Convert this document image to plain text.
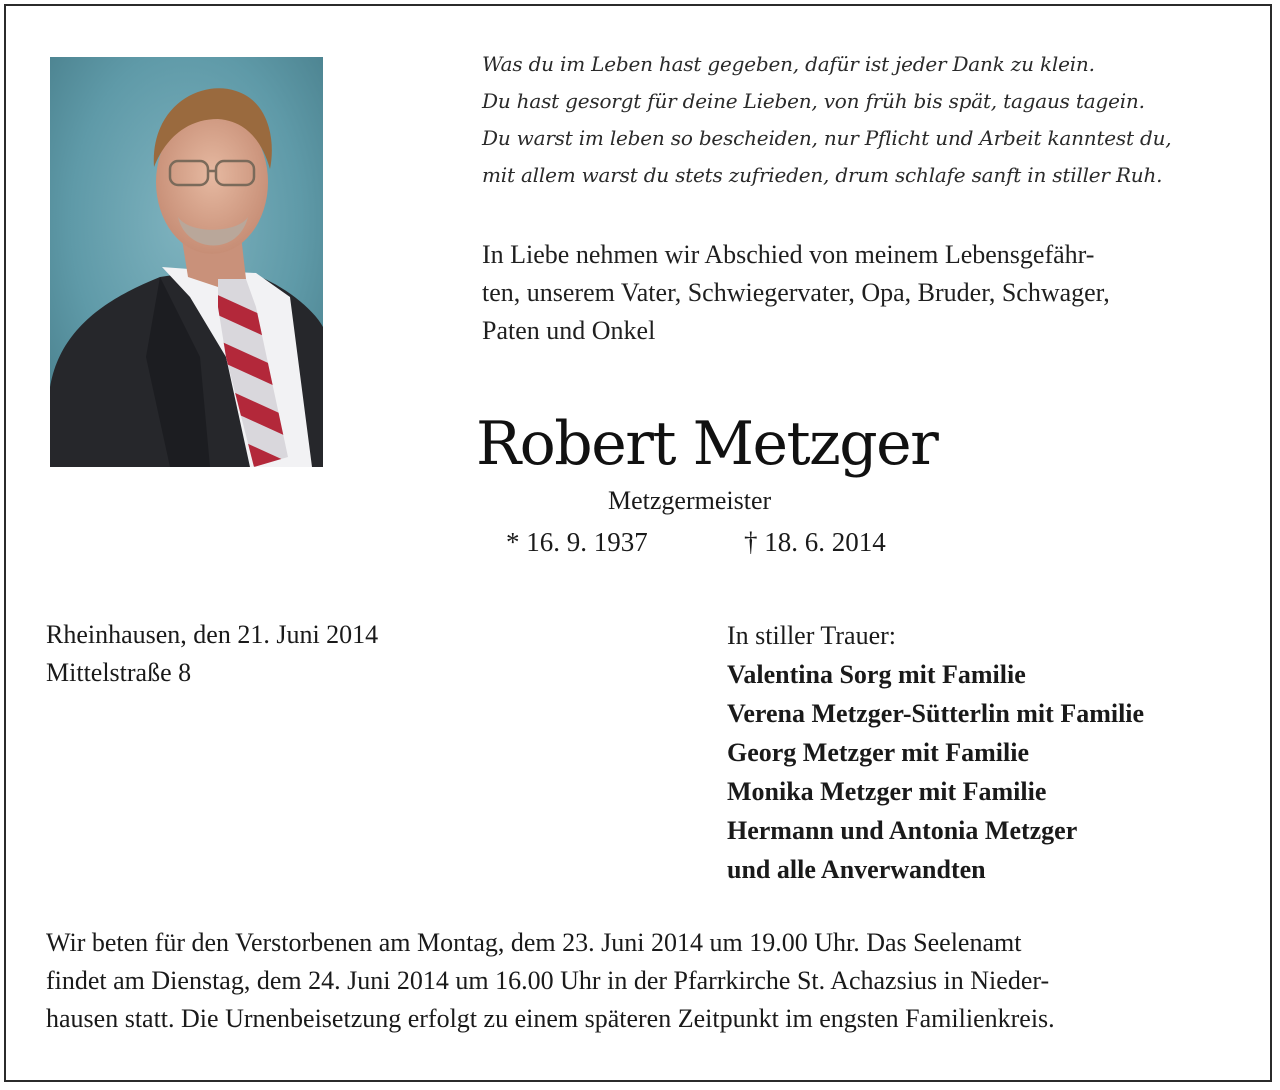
Was du im Leben hast gegeben, dafür ist jeder Dank zu klein.
Du hast gesorgt für deine Lieben, von früh bis spät, tagaus tagein.
Du warst im leben so bescheiden, nur Pflicht und Arbeit kanntest du,
mit allem warst du stets zufrieden, drum schlafe sanft in stiller Ruh.
In Liebe nehmen wir Abschied von meinem Lebensgefähr-
ten, unserem Vater, Schwiegervater, Opa, Bruder, Schwager,
Paten und Onkel
Robert Metzger
Metzgermeister
* 16. 9. 1937	† 18. 6. 2014
Rheinhausen, den 21. Juni 2014
Mittelstraße 8
In stiller Trauer:
Valentina Sorg mit Familie
Verena Metzger-Sütterlin mit Familie
Georg Metzger mit Familie
Monika Metzger mit Familie
Hermann und Antonia Metzger
und alle Anverwandten
Wir beten für den Verstorbenen am Montag, dem 23. Juni 2014 um 19.00 Uhr. Das Seelenamt
findet am Dienstag, dem 24. Juni 2014 um 16.00 Uhr in der Pfarrkirche St. Achazsius in Nieder-
hausen statt. Die Urnenbeisetzung erfolgt zu einem späteren Zeitpunkt im engsten Familienkreis.
